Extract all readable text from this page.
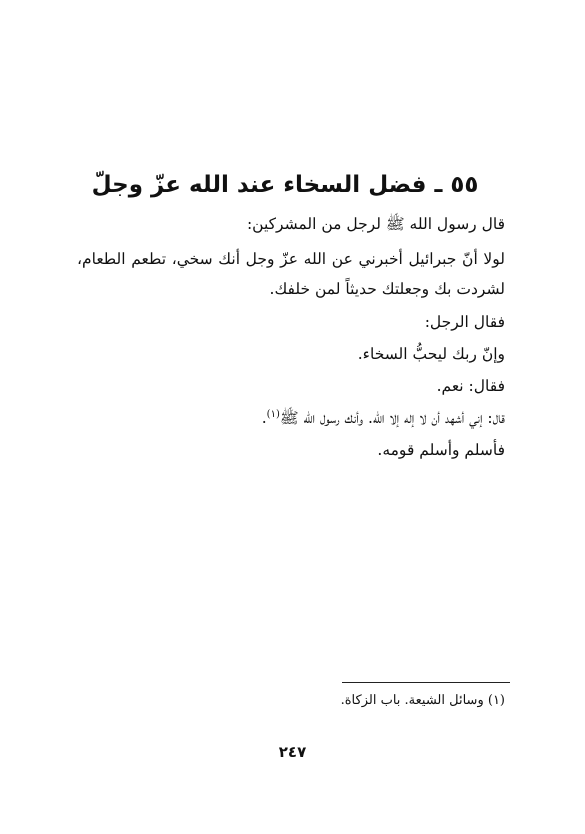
٥٥ ـ فضل السخاء عند الله عزّ وجلّ
قال رسول الله ﷺ لرجل من المشركين:
لولا أنّ جبرائيل أخبرني عن الله عزّ وجل أنك سخي، تطعم الطعام، لشردت بك وجعلتك حديثاً لمن خلفك.
فقال الرجل:
وإنّ ربك ليحبُّ السخاء.
فقال: نعم.
قال: إني أشهد أن لا إله إلا الله. وأنك رسول الله ﷺ$^{(١)}$.
فأسلم وأسلم قومه.
(١) وسائل الشيعة. باب الزكاة.
٢٤٧
